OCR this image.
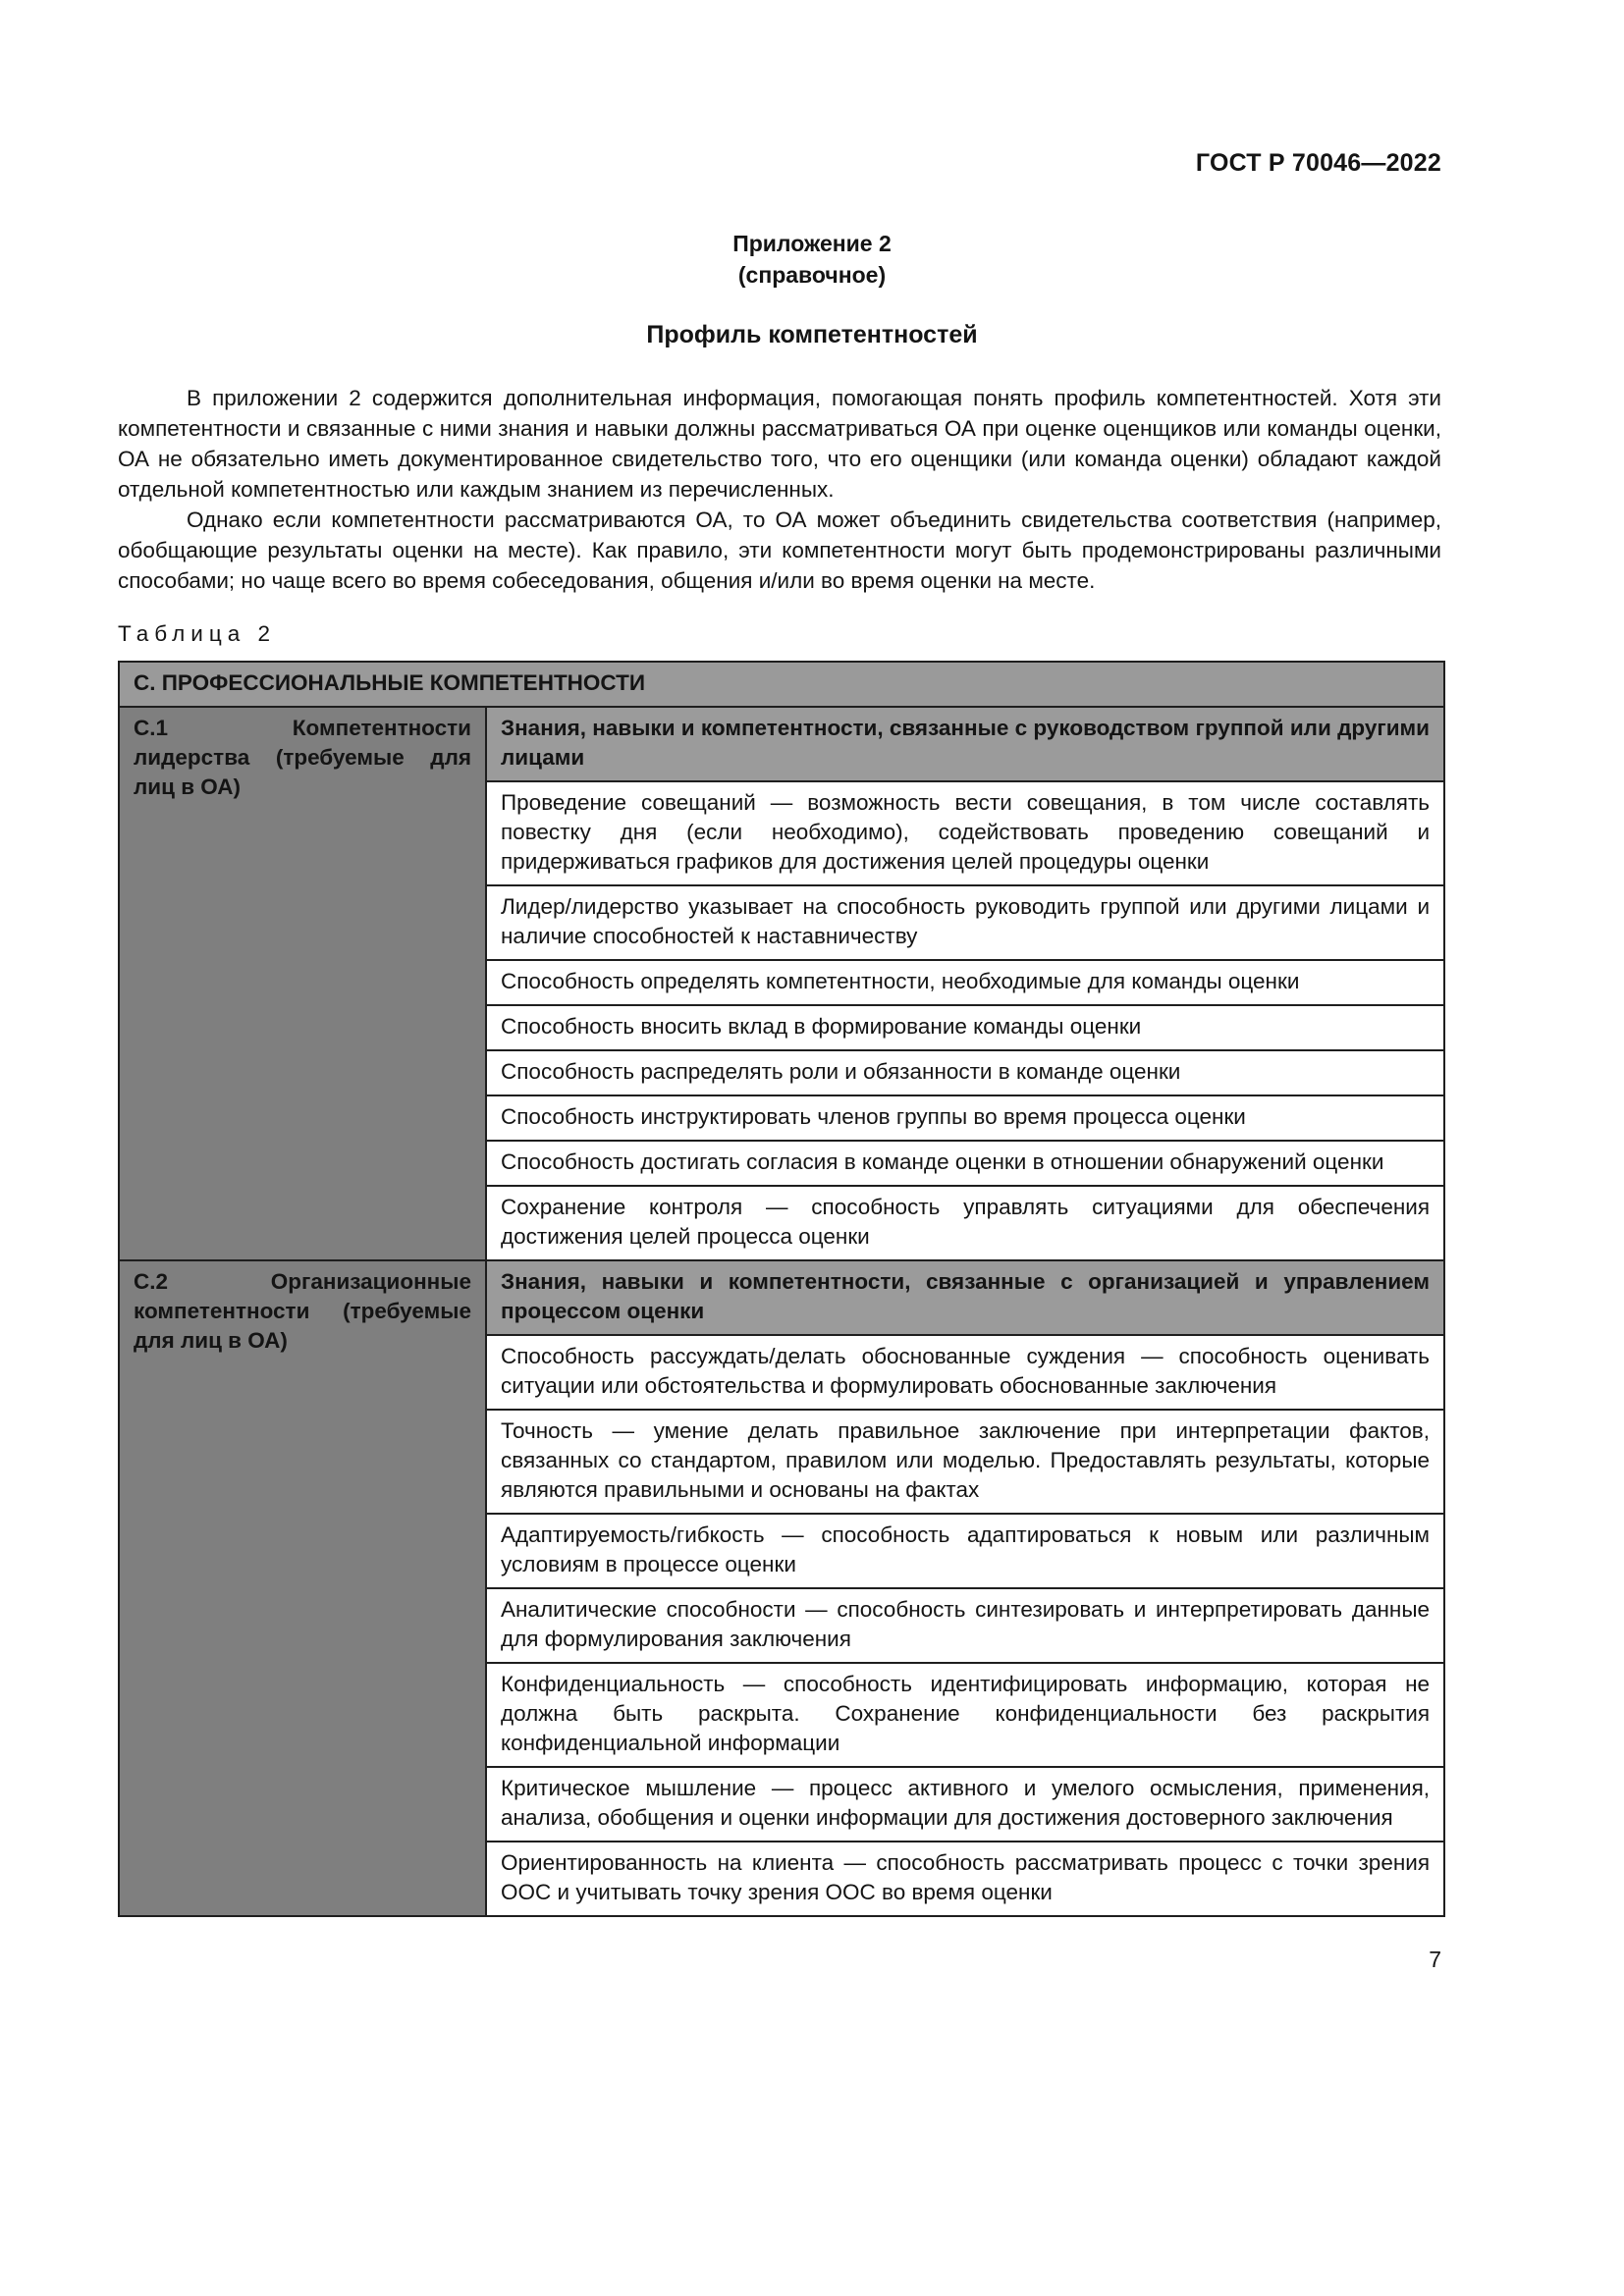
ГОСТ Р 70046—2022
Приложение 2
(справочное)
Профиль компетентностей

В приложении 2 содержится дополнительная информация, помогающая понять профиль компетентностей. Хотя эти компетентности и связанные с ними знания и навыки должны рассматриваться ОА при оценке оценщиков или команды оценки, ОА не обязательно иметь документированное свидетельство того, что его оценщики (или команда оценки) обладают каждой отдельной компетентностью или каждым знанием из перечисленных.

Однако если компетентности рассматриваются ОА, то ОА может объединить свидетельства соответствия (например, обобщающие результаты оценки на месте). Как правило, эти компетентности могут быть продемонстрированы различными способами; но чаще всего во время собеседования, общения и/или во время оценки на месте.

Таблица 2
С. ПРОФЕССИОНАЛЬНЫЕ КОМПЕТЕНТНОСТИ	
С.1 Компетентности лидерства (требуемые для лиц в ОА)	Знания, навыки и компетентности, связанные с руководством группой или другими лицами
	Проведение совещаний — возможность вести совещания, в том числе составлять повестку дня (если необходимо), содействовать проведению совещаний и придерживаться графиков для достижения целей процедуры оценки
	Лидер/лидерство указывает на способность руководить группой или другими лицами и наличие способностей к наставничеству
	Способность определять компетентности, необходимые для команды оценки
	Способность вносить вклад в формирование команды оценки
	Способность распределять роли и обязанности в команде оценки
	Способность инструктировать членов группы во время процесса оценки
	Способность достигать согласия в команде оценки в отношении обнаружений оценки
	Сохранение контроля — способность управлять ситуациями для обеспечения достижения целей процесса оценки
С.2 Организационные компетентности (требуемые для лиц в ОА)	Знания, навыки и компетентности, связанные с организацией и управлением процессом оценки
	Способность рассуждать/делать обоснованные суждения — способность оценивать ситуации или обстоятельства и формулировать обоснованные заключения
	Точность — умение делать правильное заключение при интерпретации фактов, связанных со стандартом, правилом или моделью. Предоставлять результаты, которые являются правильными и основаны на фактах
	Адаптируемость/гибкость — способность адаптироваться к новым или различным условиям в процессе оценки
	Аналитические способности — способность синтезировать и интерпретировать данные для формулирования заключения
	Конфиденциальность — способность идентифицировать информацию, которая не должна быть раскрыта. Сохранение конфиденциальности без раскрытия конфиденциальной информации
	Критическое мышление — процесс активного и умелого осмысления, применения, анализа, обобщения и оценки информации для достижения достоверного заключения
	Ориентированность на клиента — способность рассматривать процесс с точки зрения ООС и учитывать точку зрения ООС во время оценки
7
